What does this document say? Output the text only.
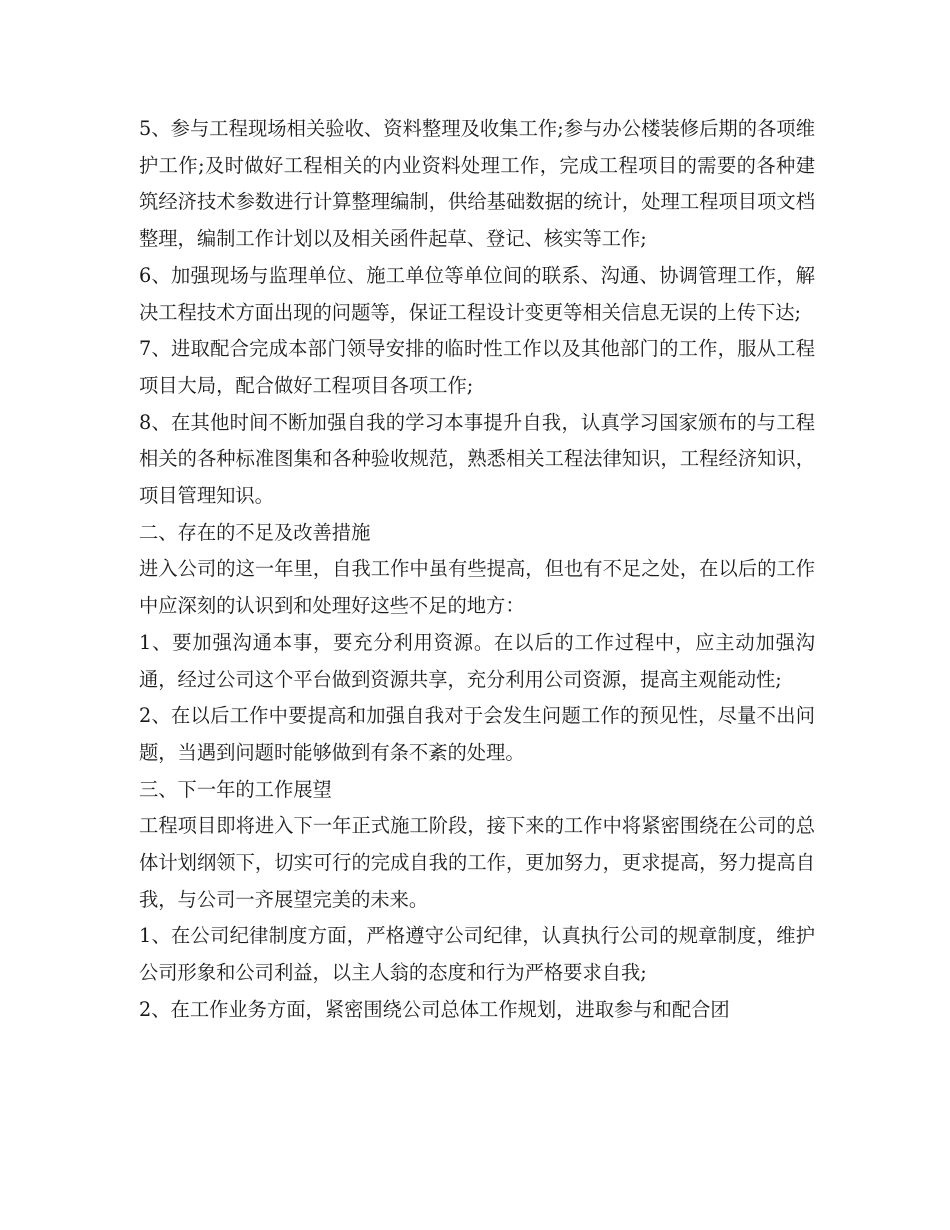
5、参与工程现场相关验收、资料整理及收集工作;参与办公楼装修后期的各项维护工作;及时做好工程相关的内业资料处理工作，完成工程项目的需要的各种建筑经济技术参数进行计算整理编制，供给基础数据的统计，处理工程项目项文档整理，编制工作计划以及相关函件起草、登记、核实等工作;

6、加强现场与监理单位、施工单位等单位间的联系、沟通、协调管理工作，解决工程技术方面出现的问题等，保证工程设计变更等相关信息无误的上传下达;

7、进取配合完成本部门领导安排的临时性工作以及其他部门的工作，服从工程项目大局，配合做好工程项目各项工作;

8、在其他时间不断加强自我的学习本事提升自我，认真学习国家颁布的与工程相关的各种标准图集和各种验收规范，熟悉相关工程法律知识，工程经济知识，项目管理知识。

二、存在的不足及改善措施

进入公司的这一年里，自我工作中虽有些提高，但也有不足之处，在以后的工作中应深刻的认识到和处理好这些不足的地方：

1、要加强沟通本事，要充分利用资源。在以后的工作过程中，应主动加强沟通，经过公司这个平台做到资源共享，充分利用公司资源，提高主观能动性;

2、在以后工作中要提高和加强自我对于会发生问题工作的预见性，尽量不出问题，当遇到问题时能够做到有条不紊的处理。

三、下一年的工作展望

工程项目即将进入下一年正式施工阶段，接下来的工作中将紧密围绕在公司的总体计划纲领下，切实可行的完成自我的工作，更加努力，更求提高，努力提高自我，与公司一齐展望完美的未来。

1、在公司纪律制度方面，严格遵守公司纪律，认真执行公司的规章制度，维护公司形象和公司利益，以主人翁的态度和行为严格要求自我;

2、在工作业务方面，紧密围绕公司总体工作规划，进取参与和配合团
